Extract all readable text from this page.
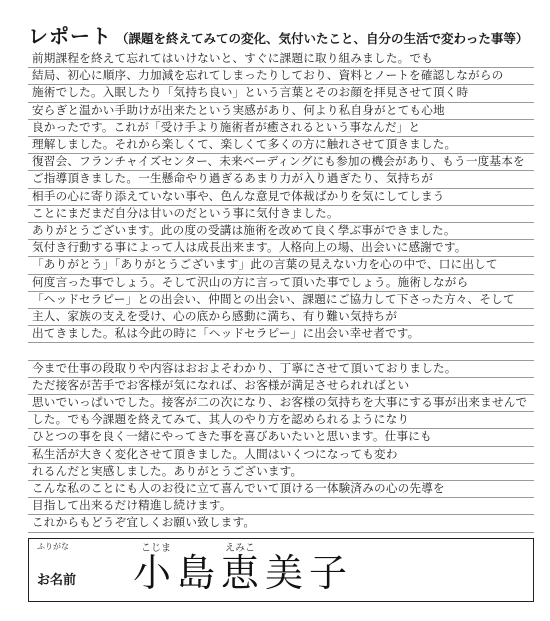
レポート （課題を終えてみての変化、気付いたこと、自分の生活で変わった事等）
前期課程を終えて忘れてはいけないと、すぐに課題に取り組みました。でも
結局、初心に順序、力加減を忘れてしまったりしており、資料とノートを確認しながらの
施術でした。入眠したり「気持ち良い」という言葉とそのお顔を拝見させて頂く時
安らぎと温かい手助けが出来たという実感があり、何より私自身がとても心地
良かったです。これが「受け手より施術者が癒されるという事なんだ」と
理解しました。それから楽しくて、楽しくて多くの方に触れさせて頂きました。
復習会、フランチャイズセンター、未来ベーディングにも参加の機会があり、もう一度基本を
ご指導頂きました。一生懸命やり過ぎるあまり力が入り過ぎたり、気持ちが
相手の心に寄り添えていない事や、色んな意見で体裁ばかりを気にしてしまう
ことにまだまだ自分は甘いのだという事に気付きました。
ありがとうございます。此の度の受講は施術を改めて良く學ぶ事ができました。
気付き行動する事によって人は成長出来ます。人格向上の場、出会いに感謝です。
「ありがとう」「ありがとうございます」此の言葉の見えない力を心の中で、口に出して
何度言った事でしょう。そして沢山の方に言って頂いた事でしょう。施術しながら
「ヘッドセラピー」との出会い、仲間との出会い、課題にご協力して下さった方々、そして
主人、家族の支えを受け、心の底から感動に満ち、有り難い気持ちが
出てきました。私は今此の時に「ヘッドセラピー」に出会い幸せ者です。
今まで仕事の段取りや内容はおおよそわかり、丁寧にさせて頂いておりました。
ただ接客が苦手でお客様が気になれば、お客様が満足させられればとい
思いでいっぱいでした。接客が二の次になり、お客様の気持ちを大事にする事が出来ませんで
した。でも今課題を終えてみて、其人のやり方を認められるようになり
ひとつの事を良く一緒にやってきた事を喜びあいたいと思います。仕事にも
私生活が大きく変化させて頂きました。人間はいくつになっても変わ
れるんだと実感しました。ありがとうございます。
こんな私のことにも人のお役に立て喜んでいて頂ける一体験済みの心の先導を
目指して出来るだけ精進し続けます。
これからもどうぞ宜しくお願い致します。
ふりがな	こじま	えみこ
お名前 小島恵美子
